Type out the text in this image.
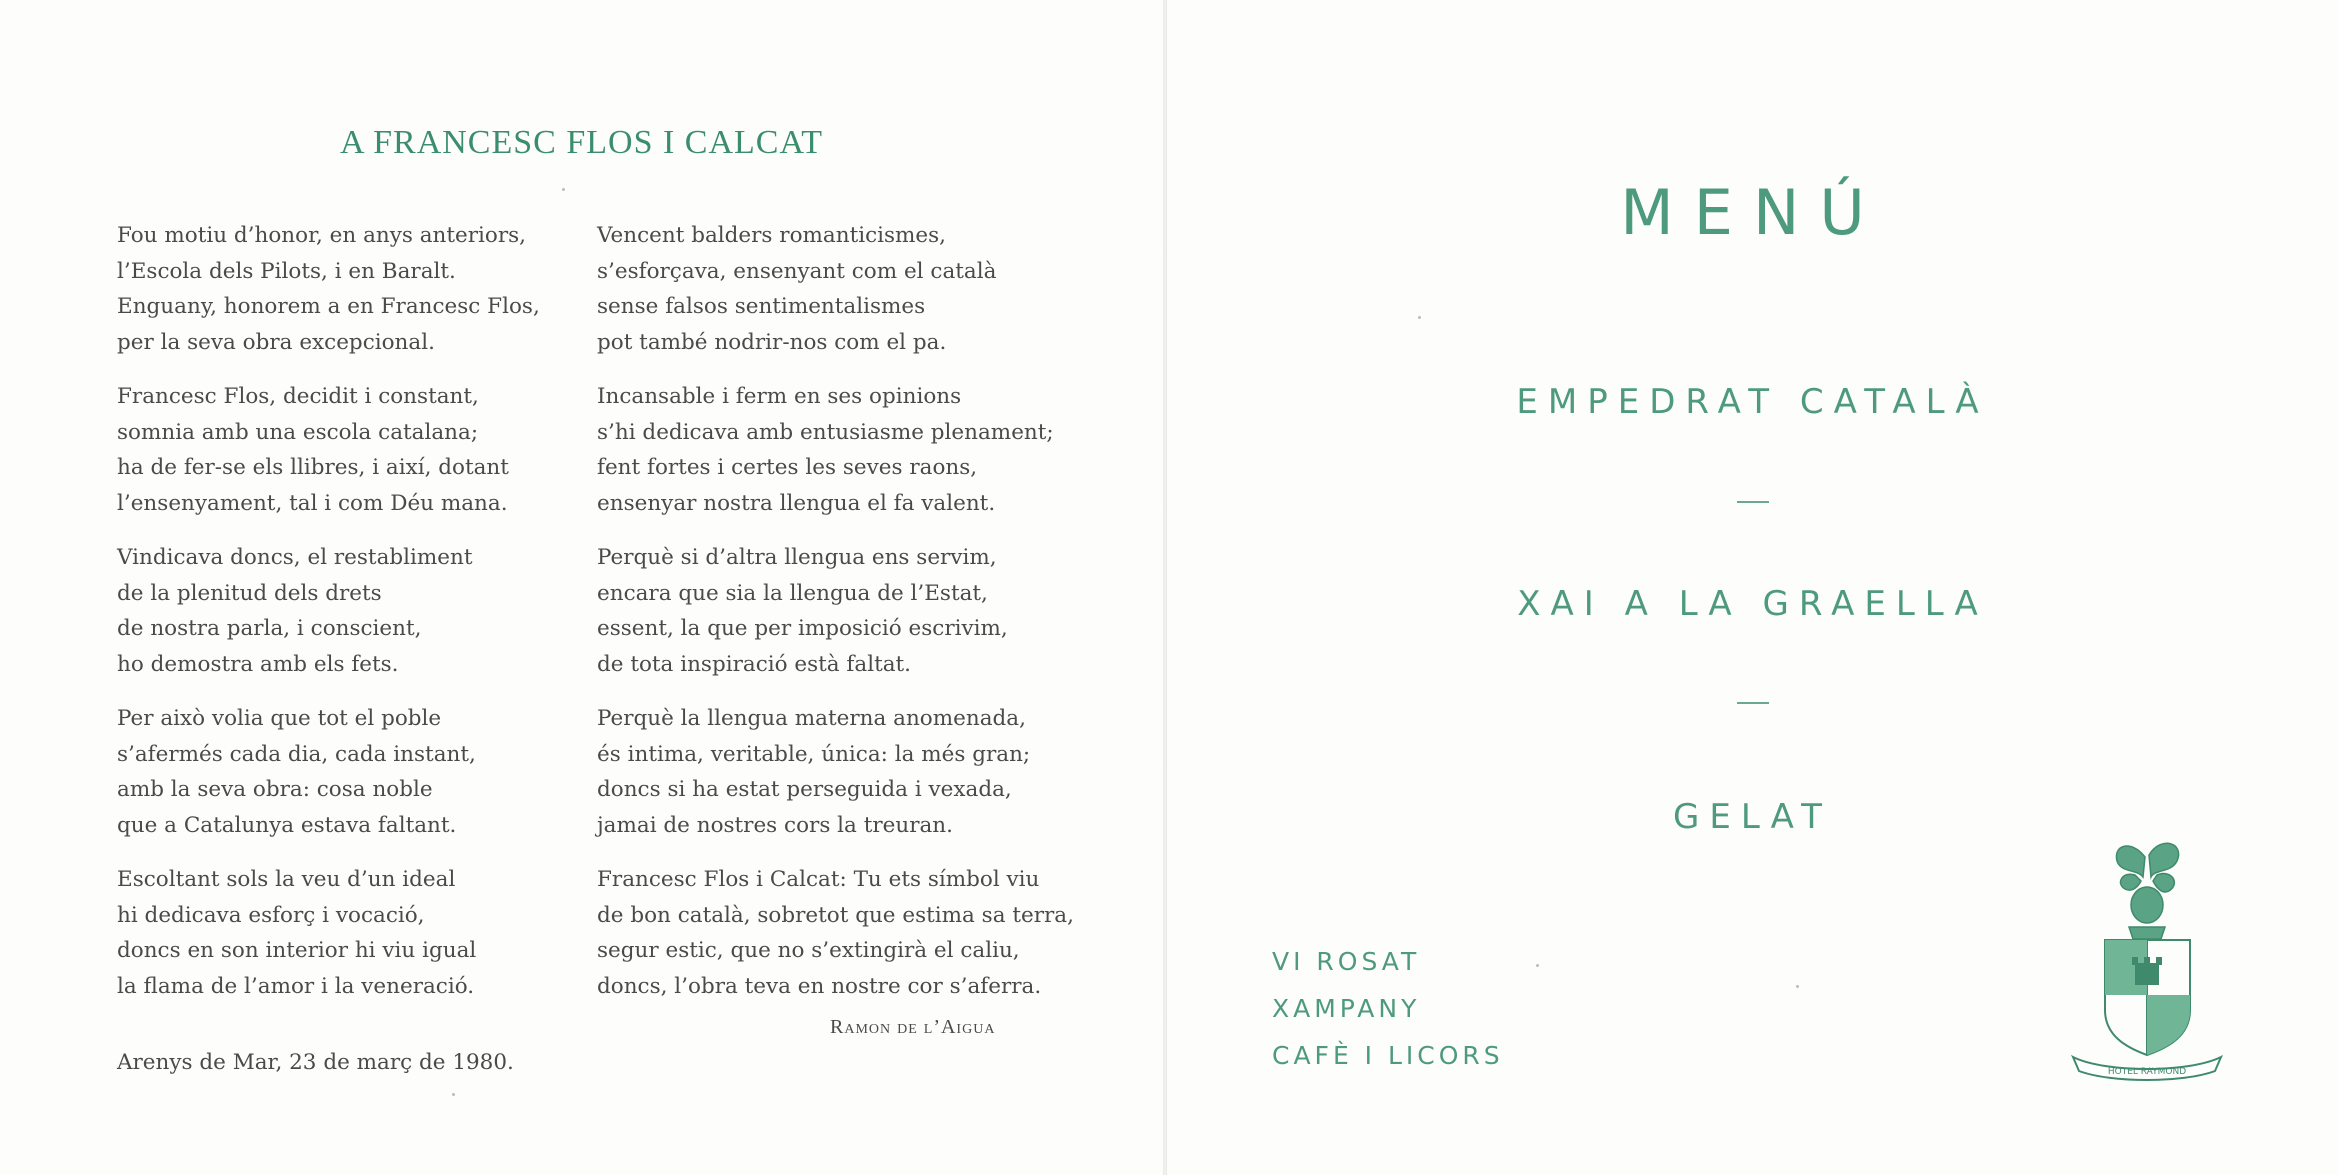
A FRANCESC FLOS I CALCAT
Fou motiu d’honor, en anys anteriors,
l’Escola dels Pilots, i en Baralt.
Enguany, honorem a en Francesc Flos,
per la seva obra excepcional.
Francesc Flos, decidit i constant,
somnia amb una escola catalana;
ha de fer-se els llibres, i així, dotant
l’ensenyament, tal i com Déu mana.
Vindicava doncs, el restabliment
de la plenitud dels drets
de nostra parla, i conscient,
ho demostra amb els fets.
Per això volia que tot el poble
s’afermés cada dia, cada instant,
amb la seva obra: cosa noble
que a Catalunya estava faltant.
Escoltant sols la veu d’un ideal
hi dedicava esforç i vocació,
doncs en son interior hi viu igual
la flama de l’amor i la veneració.
Vencent balders romanticismes,
s’esforçava, ensenyant com el català
sense falsos sentimentalismes
pot també nodrir-nos com el pa.
Incansable i ferm en ses opinions
s’hi dedicava amb entusiasme plenament;
fent fortes i certes les seves raons,
ensenyar nostra llengua el fa valent.
Perquè si d’altra llengua ens servim,
encara que sia la llengua de l’Estat,
essent, la que per imposició escrivim,
de tota inspiració està faltat.
Perquè la llengua materna anomenada,
és intima, veritable, única: la més gran;
doncs si ha estat perseguida i vexada,
jamai de nostres cors la treuran.
Francesc Flos i Calcat: Tu ets símbol viu
de bon català, sobretot que estima sa terra,
segur estic, que no s’extingirà el caliu,
doncs, l’obra teva en nostre cor s’aferra.
Ramon de l’Aigua
Arenys de Mar, 23 de març de 1980.
MENÚ
EMPEDRAT CATALÀ
XAI A LA GRAELLA
GELAT
VI ROSAT
XAMPANY
CAFÈ I LICORS
HOTEL RAYMOND
